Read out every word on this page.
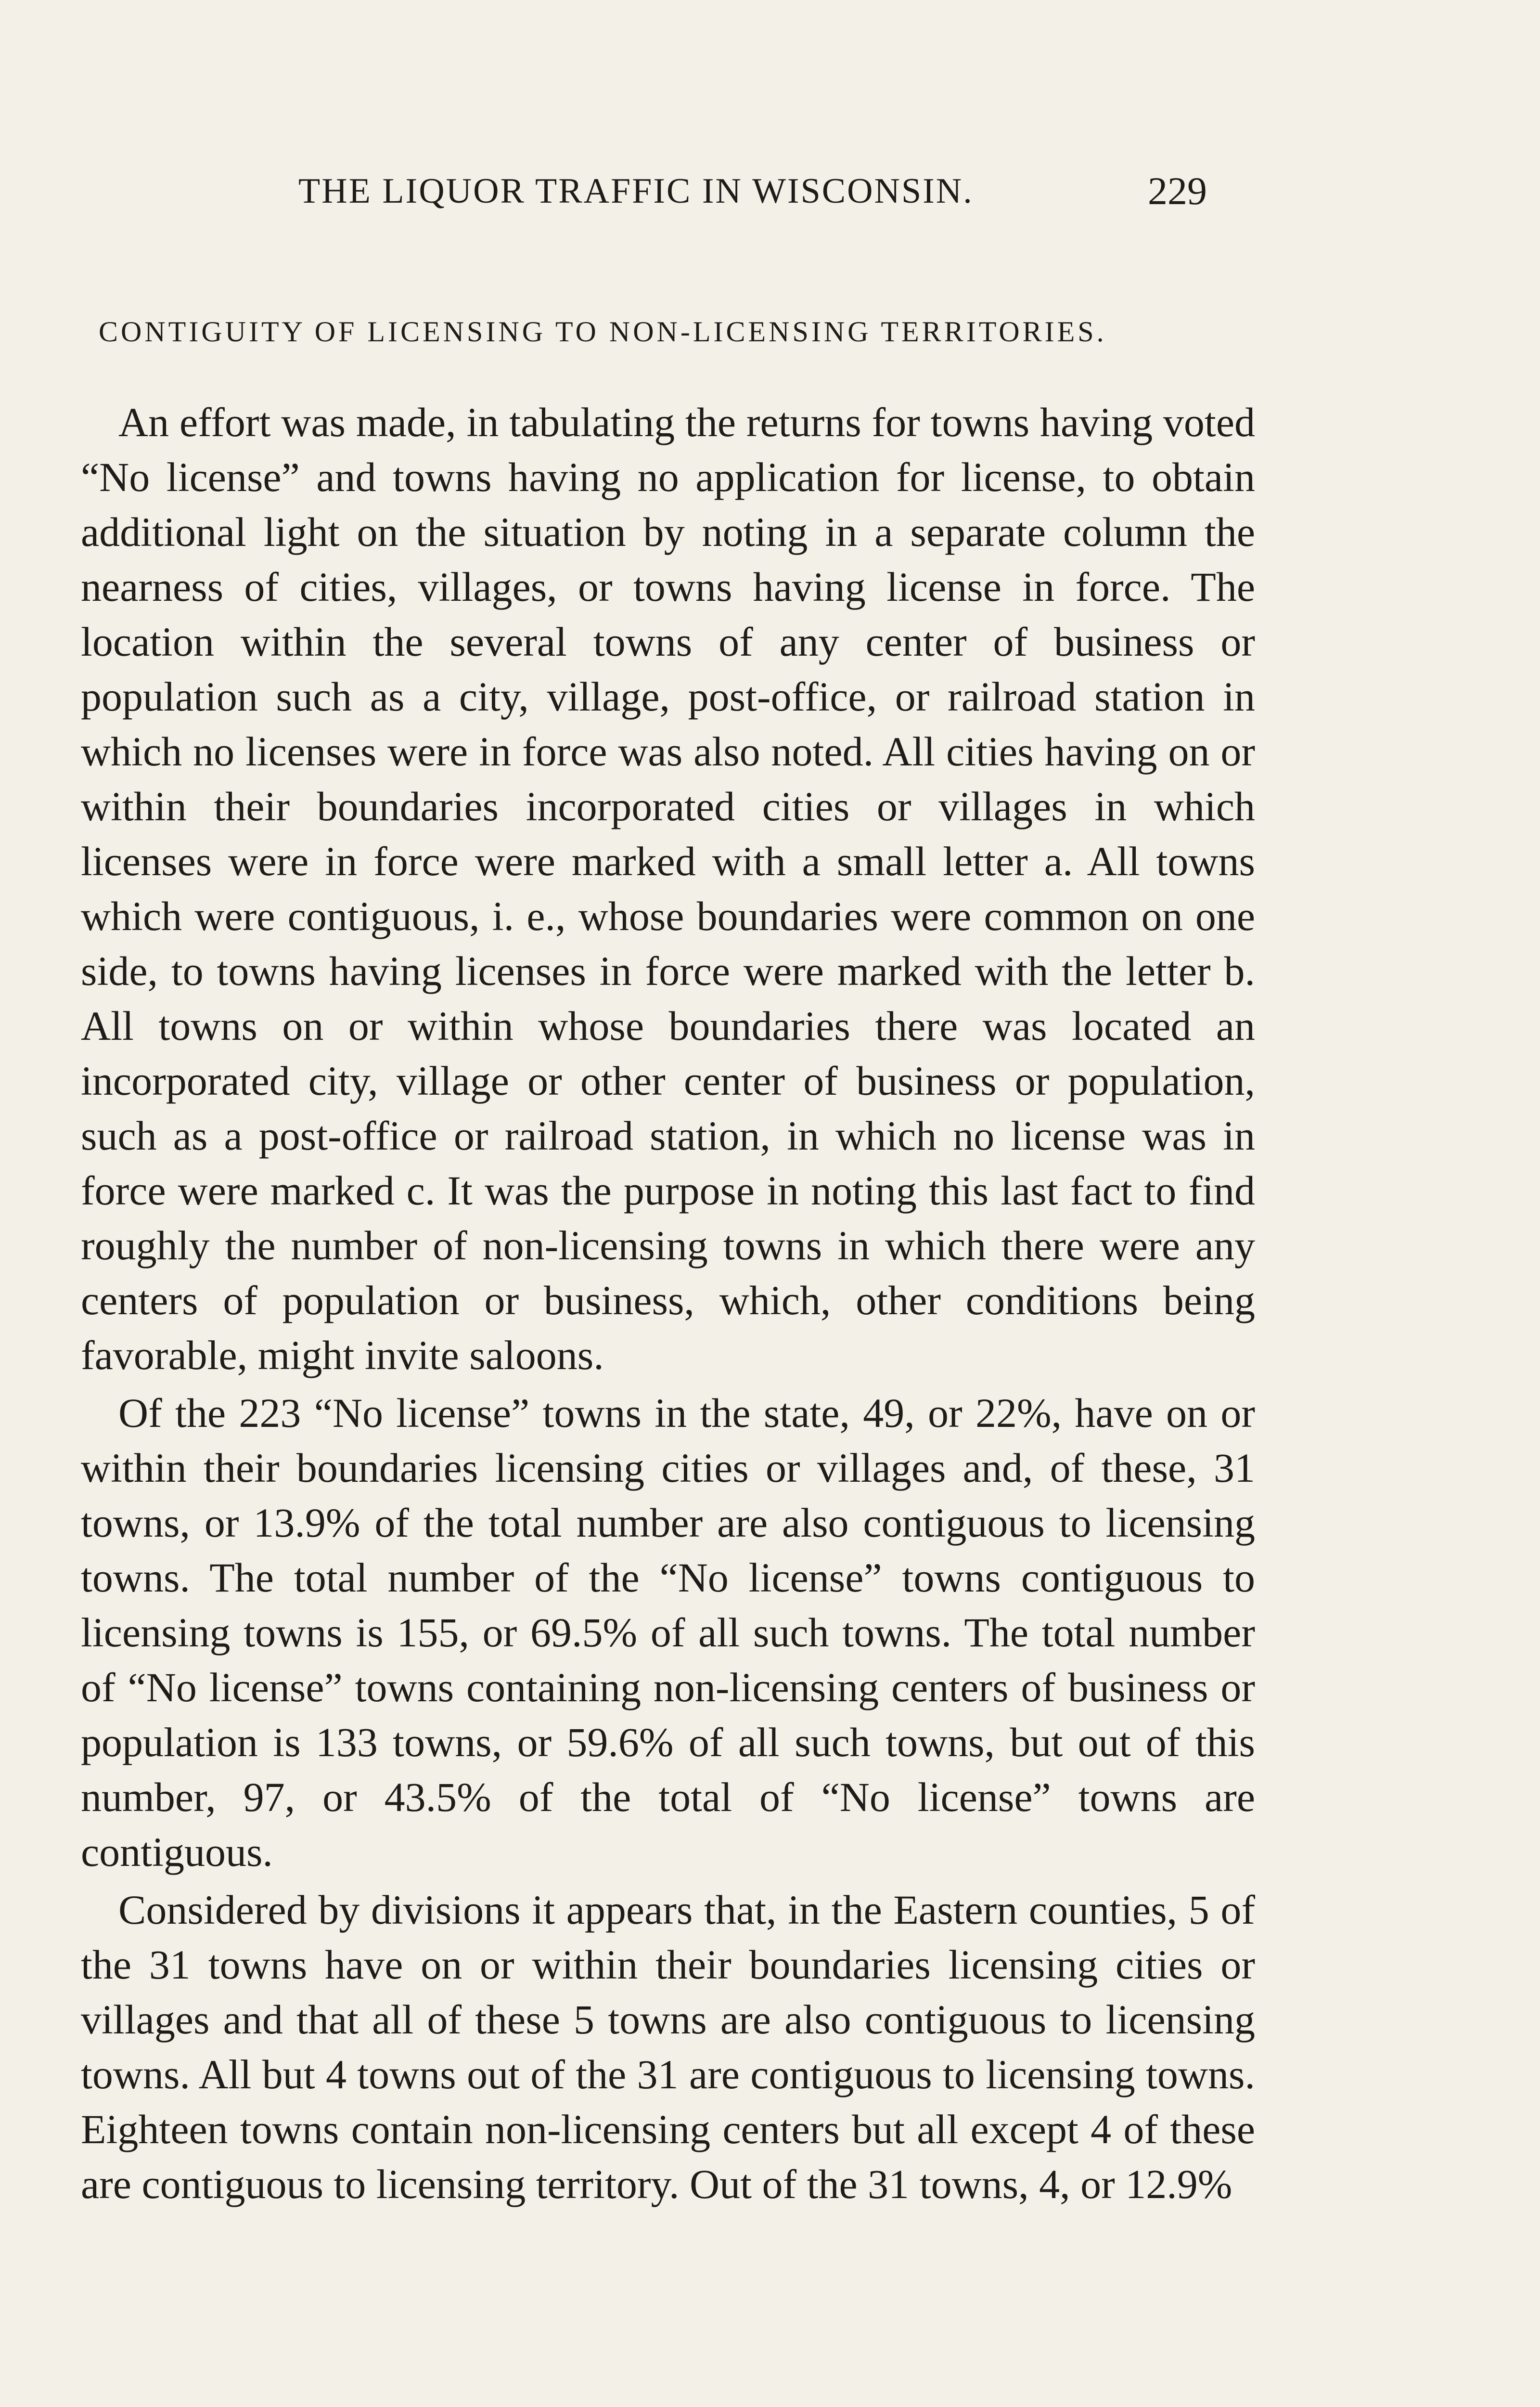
THE LIQUOR TRAFFIC IN WISCONSIN.	229
CONTIGUITY OF LICENSING TO NON-LICENSING TERRITORIES.

An effort was made, in tabulating the returns for towns having voted “No license” and towns having no application for license, to obtain additional light on the situation by noting in a separate column the nearness of cities, villages, or towns having license in force. The location within the several towns of any center of business or population such as a city, village, post-office, or railroad station in which no licenses were in force was also noted. All cities having on or within their boundaries incorporated cities or villages in which licenses were in force were marked with a small letter a. All towns which were contiguous, i. e., whose boundaries were common on one side, to towns having licenses in force were marked with the letter b. All towns on or within whose boundaries there was located an incorporated city, village or other center of business or population, such as a post-office or railroad station, in which no license was in force were marked c. It was the purpose in noting this last fact to find roughly the number of non-licensing towns in which there were any centers of population or business, which, other conditions being favorable, might invite saloons.

Of the 223 “No license” towns in the state, 49, or 22%, have on or within their boundaries licensing cities or villages and, of these, 31 towns, or 13.9% of the total number are also contiguous to licensing towns. The total number of the “No license” towns contiguous to licensing towns is 155, or 69.5% of all such towns. The total number of “No license” towns containing non-licensing centers of business or population is 133 towns, or 59.6% of all such towns, but out of this number, 97, or 43.5% of the total of “No license” towns are contiguous.

Considered by divisions it appears that, in the Eastern counties, 5 of the 31 towns have on or within their boundaries licensing cities or villages and that all of these 5 towns are also contiguous to licensing towns. All but 4 towns out of the 31 are contiguous to licensing towns. Eighteen towns contain non-licensing centers but all except 4 of these are contiguous to licensing territory. Out of the 31 towns, 4, or 12.9%
